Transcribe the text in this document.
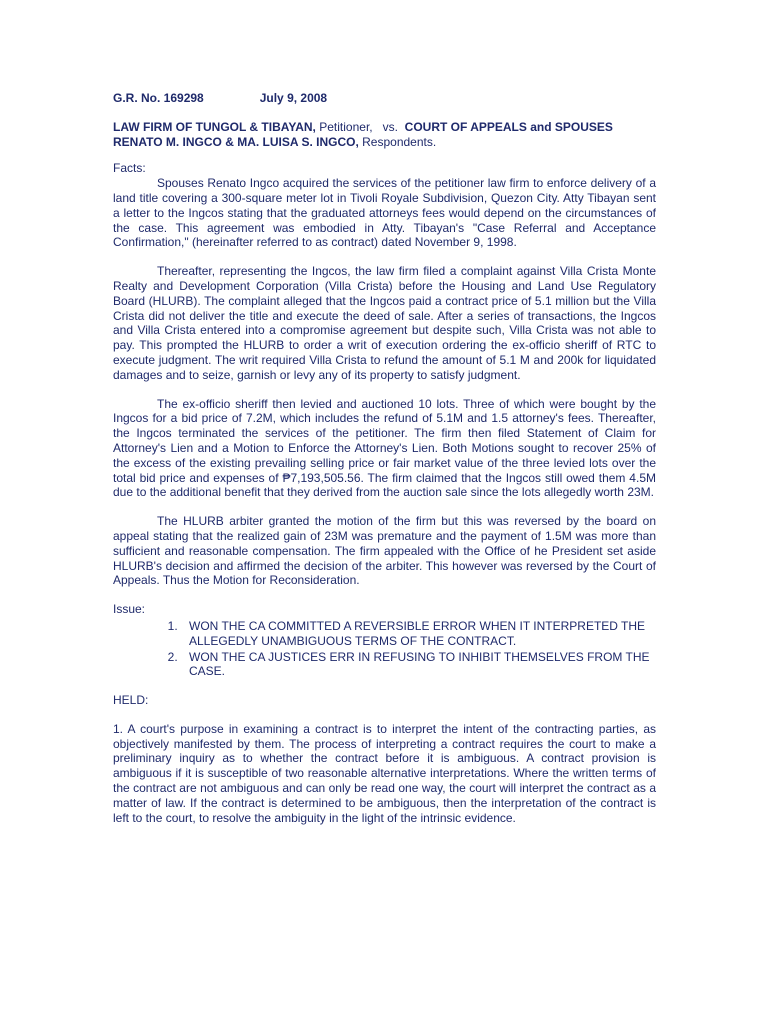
G.R. No. 169298	July 9, 2008
LAW FIRM OF TUNGOL & TIBAYAN, Petitioner, vs. COURT OF APPEALS and SPOUSES RENATO M. INGCO & MA. LUISA S. INGCO, Respondents.

Facts:

Spouses Renato Ingco acquired the services of the petitioner law firm to enforce delivery of a land title covering a 300-square meter lot in Tivoli Royale Subdivision, Quezon City. Atty Tibayan sent a letter to the Ingcos stating that the graduated attorneys fees would depend on the circumstances of the case. This agreement was embodied in Atty. Tibayan's "Case Referral and Acceptance Confirmation," (hereinafter referred to as contract) dated November 9, 1998.

Thereafter, representing the Ingcos, the law firm filed a complaint against Villa Crista Monte Realty and Development Corporation (Villa Crista) before the Housing and Land Use Regulatory Board (HLURB). The complaint alleged that the Ingcos paid a contract price of 5.1 million but the Villa Crista did not deliver the title and execute the deed of sale. After a series of transactions, the Ingcos and Villa Crista entered into a compromise agreement but despite such, Villa Crista was not able to pay. This prompted the HLURB to order a writ of execution ordering the ex-officio sheriff of RTC to execute judgment. The writ required Villa Crista to refund the amount of 5.1 M and 200k for liquidated damages and to seize, garnish or levy any of its property to satisfy judgment.

The ex-officio sheriff then levied and auctioned 10 lots. Three of which were bought by the Ingcos for a bid price of 7.2M, which includes the refund of 5.1M and 1.5 attorney's fees. Thereafter, the Ingcos terminated the services of the petitioner. The firm then filed Statement of Claim for Attorney's Lien and a Motion to Enforce the Attorney's Lien. Both Motions sought to recover 25% of the excess of the existing prevailing selling price or fair market value of the three levied lots over the total bid price and expenses of ₱7,193,505.56. The firm claimed that the Ingcos still owed them 4.5M due to the additional benefit that they derived from the auction sale since the lots allegedly worth 23M.

The HLURB arbiter granted the motion of the firm but this was reversed by the board on appeal stating that the realized gain of 23M was premature and the payment of 1.5M was more than sufficient and reasonable compensation. The firm appealed with the Office of he President set aside HLURB's decision and affirmed the decision of the arbiter. This however was reversed by the Court of Appeals. Thus the Motion for Reconsideration.

Issue:

1. WON THE CA COMMITTED A REVERSIBLE ERROR WHEN IT INTERPRETED THE ALLEGEDLY UNAMBIGUOUS TERMS OF THE CONTRACT.
2. WON THE CA JUSTICES ERR IN REFUSING TO INHIBIT THEMSELVES FROM THE CASE.

HELD:

1. A court's purpose in examining a contract is to interpret the intent of the contracting parties, as objectively manifested by them. The process of interpreting a contract requires the court to make a preliminary inquiry as to whether the contract before it is ambiguous. A contract provision is ambiguous if it is susceptible of two reasonable alternative interpretations. Where the written terms of the contract are not ambiguous and can only be read one way, the court will interpret the contract as a matter of law. If the contract is determined to be ambiguous, then the interpretation of the contract is left to the court, to resolve the ambiguity in the light of the intrinsic evidence.
